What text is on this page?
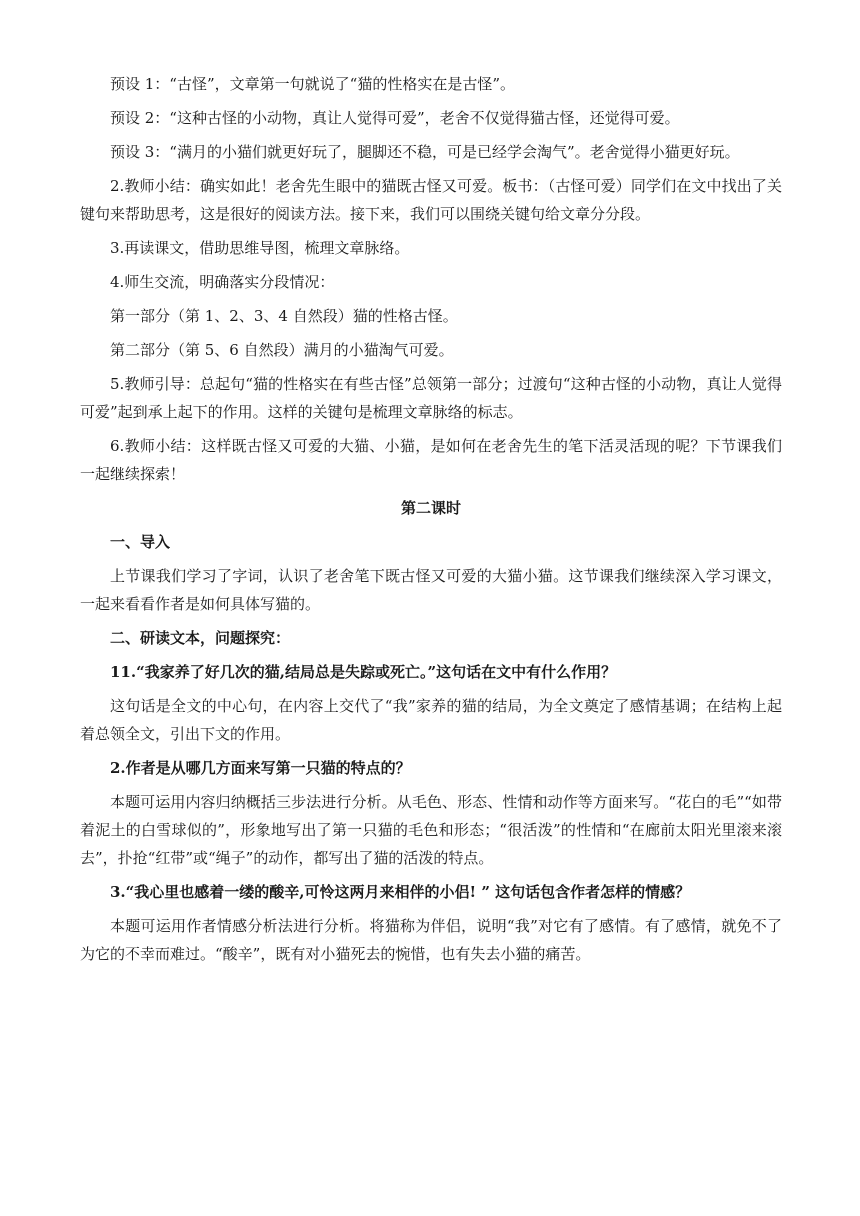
预设 1：“古怪”，文章第一句就说了“猫的性格实在是古怪”。

预设 2：“这种古怪的小动物，真让人觉得可爱”，老舍不仅觉得猫古怪，还觉得可爱。

预设 3：“满月的小猫们就更好玩了，腿脚还不稳，可是已经学会淘气”。老舍觉得小猫更好玩。

2.教师小结：确实如此！老舍先生眼中的猫既古怪又可爱。板书：（古怪可爱）同学们在文中找出了关键句来帮助思考，这是很好的阅读方法。接下来，我们可以围绕关键句给文章分分段。

3.再读课文，借助思维导图，梳理文章脉络。

4.师生交流，明确落实分段情况：

第一部分（第 1、2、3、4 自然段）猫的性格古怪。

第二部分（第 5、6 自然段）满月的小猫淘气可爱。

5.教师引导：总起句“猫的性格实在有些古怪”总领第一部分；过渡句“这种古怪的小动物，真让人觉得可爱”起到承上起下的作用。这样的关键句是梳理文章脉络的标志。

6.教师小结：这样既古怪又可爱的大猫、小猫，是如何在老舍先生的笔下活灵活现的呢？下节课我们一起继续探索！

第二课时

一、导入

上节课我们学习了字词，认识了老舍笔下既古怪又可爱的大猫小猫。这节课我们继续深入学习课文，一起来看看作者是如何具体写猫的。

二、研读文本，问题探究：

11.“我家养了好几次的猫,结局总是失踪或死亡。”这句话在文中有什么作用？

这句话是全文的中心句，在内容上交代了“我”家养的猫的结局，为全文奠定了感情基调；在结构上起着总领全文，引出下文的作用。

2.作者是从哪几方面来写第一只猫的特点的？

本题可运用内容归纳概括三步法进行分析。从毛色、形态、性情和动作等方面来写。“花白的毛”“如带着泥土的白雪球似的”，形象地写出了第一只猫的毛色和形态；“很活泼”的性情和“在廊前太阳光里滚来滚去”，扑抢“红带”或“绳子”的动作，都写出了猫的活泼的特点。

3.“我心里也感着一缕的酸辛,可怜这两月来相伴的小侣! ” 这句话包含作者怎样的情感？

本题可运用作者情感分析法进行分析。将猫称为伴侣，说明“我”对它有了感情。有了感情，就免不了为它的不幸而难过。“酸辛”，既有对小猫死去的惋惜，也有失去小猫的痛苦。
